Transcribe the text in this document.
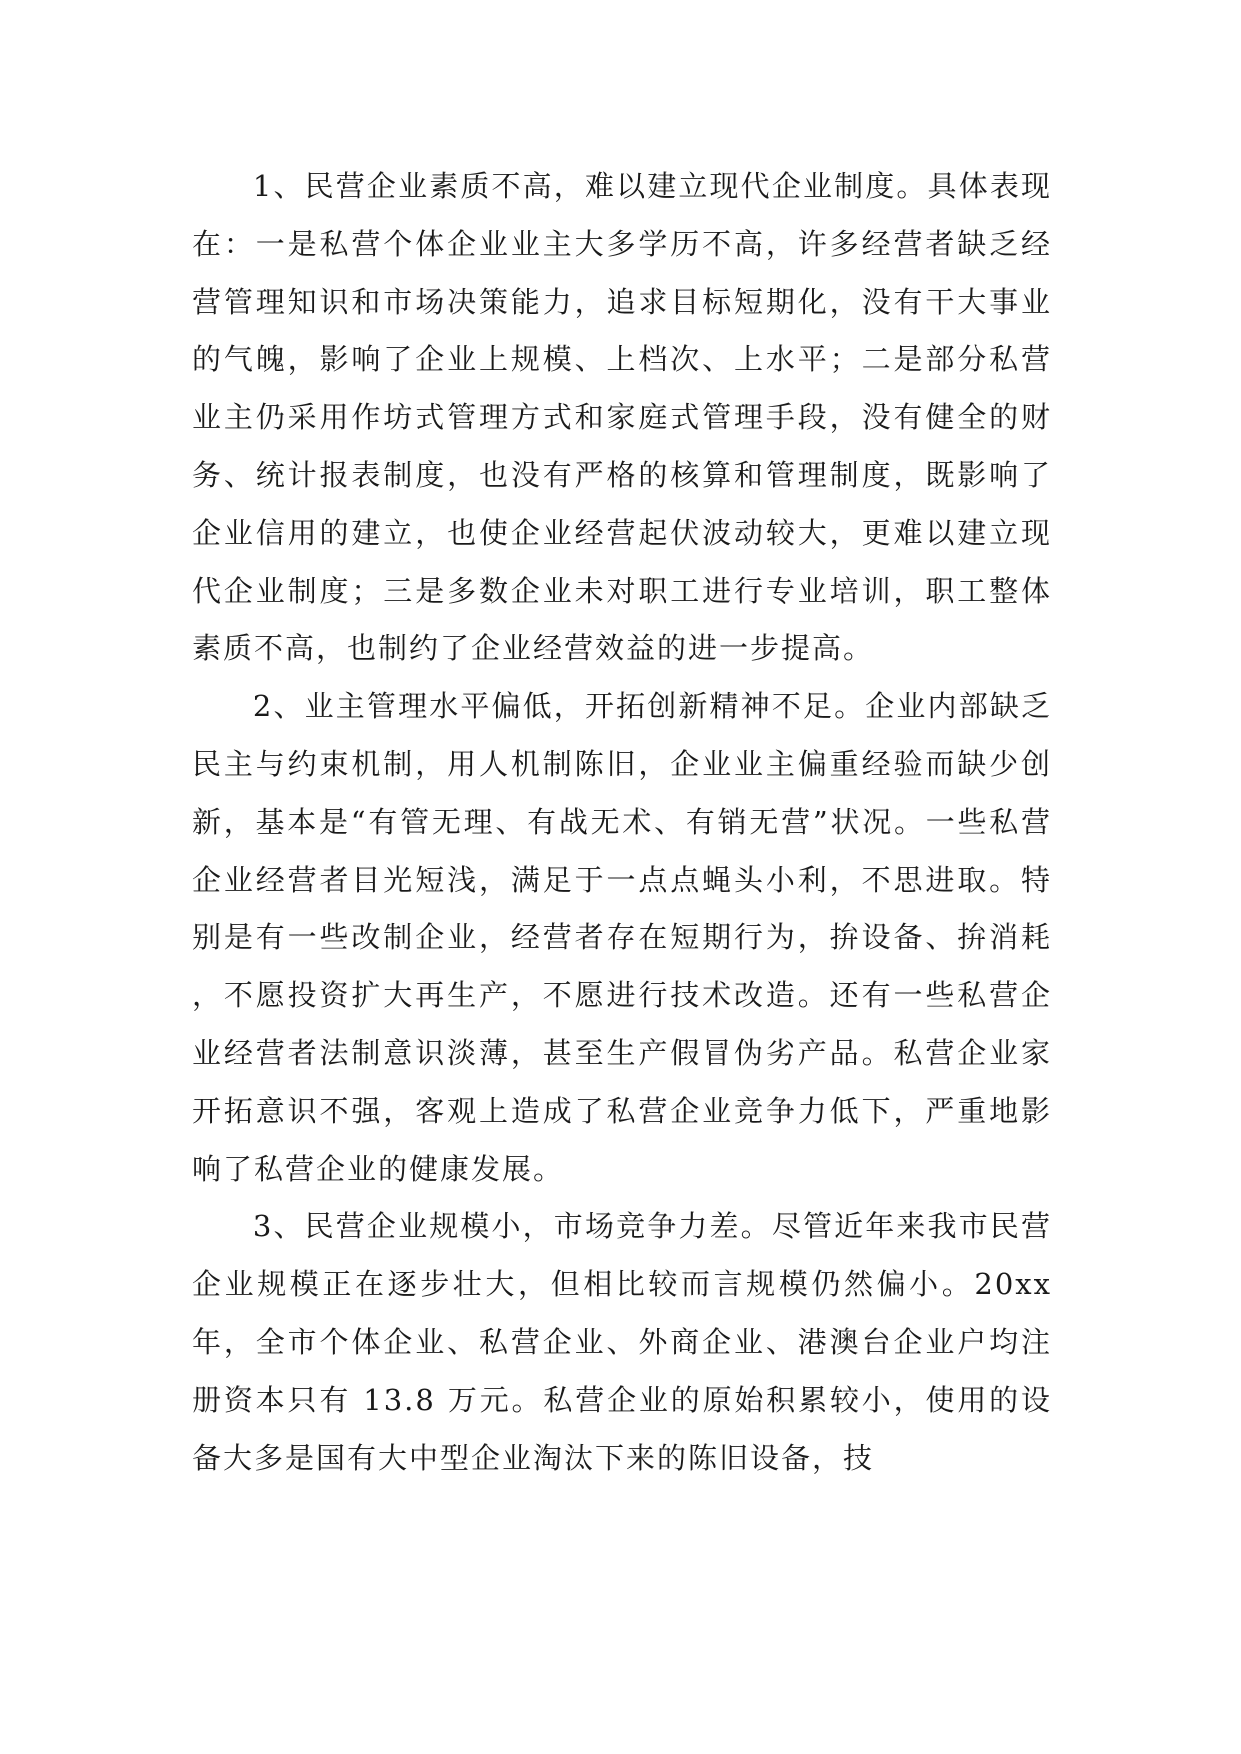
1、民营企业素质不高，难以建立现代企业制度。具体表现在：一是私营个体企业业主大多学历不高，许多经营者缺乏经营管理知识和市场决策能力，追求目标短期化，没有干大事业的气魄，影响了企业上规模、上档次、上水平；二是部分私营业主仍采用作坊式管理方式和家庭式管理手段，没有健全的财务、统计报表制度，也没有严格的核算和管理制度，既影响了企业信用的建立，也使企业经营起伏波动较大，更难以建立现代企业制度；三是多数企业未对职工进行专业培训，职工整体素质不高，也制约了企业经营效益的进一步提高。

2、业主管理水平偏低，开拓创新精神不足。企业内部缺乏民主与约束机制，用人机制陈旧，企业业主偏重经验而缺少创新，基本是“有管无理、有战无术、有销无营”状况。一些私营企业经营者目光短浅，满足于一点点蝇头小利，不思进取。特别是有一些改制企业，经营者存在短期行为，拚设备、拚消耗，不愿投资扩大再生产，不愿进行技术改造。还有一些私营企业经营者法制意识淡薄，甚至生产假冒伪劣产品。私营企业家开拓意识不强，客观上造成了私营企业竞争力低下，严重地影响了私营企业的健康发展。

3、民营企业规模小，市场竞争力差。尽管近年来我市民营企业规模正在逐步壮大，但相比较而言规模仍然偏小。20xx 年，全市个体企业、私营企业、外商企业、港澳台企业户均注册资本只有 13.8 万元。私营企业的原始积累较小，使用的设备大多是国有大中型企业淘汰下来的陈旧设备，技
